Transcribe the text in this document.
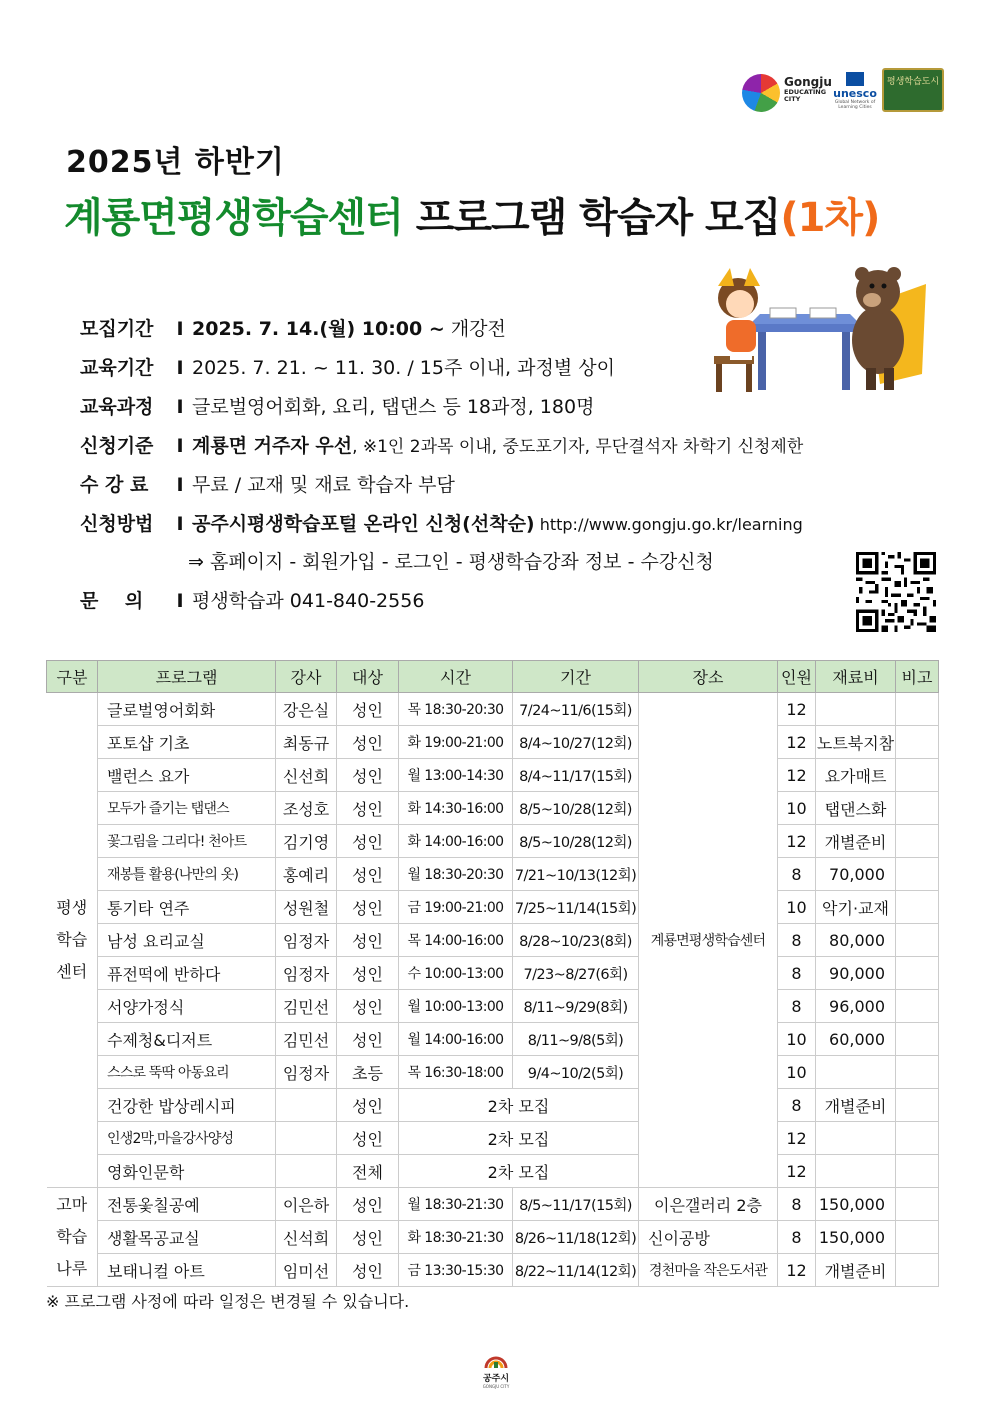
Gongju
EDUCATING
CITY	unesco
Global Network of Learning Cities
평생학습도시
2025년 하반기
계룡면평생학습센터 프로그램 학습자 모집(1차)
모집기간 I 2025. 7. 14.(월) 10:00 ~ 개강전
교육기간 I 2025. 7. 21. ~ 11. 30. / 15주 이내, 과정별 상이
교육과정 I 글로벌영어회화, 요리, 탭댄스 등 18과정, 180명
신청기준 I 계룡면 거주자 우선, ※1인 2과목 이내, 중도포기자, 무단결석자 차학기 신청제한
수 강 료 I 무료 / 교재 및 재료 학습자 부담
신청방법 I 공주시평생학습포털 온라인 신청(선착순) http://www.gongju.go.kr/learning
⇒ 홈페이지 - 회원가입 - 로그인 - 평생학습강좌 정보 - 수강신청
문    의 I 평생학습과 041-840-2556
구분	프로그램	강사	대상	시간	기간	장소	인원	재료비	비고
평생
학습
센터	글로벌영어회화	강은실	성인	목 18:30-20:30	7/24~11/6(15회)	계룡면평생학습센터	12		
	포토샵 기초	최동규	성인	화 19:00-21:00	8/4~10/27(12회)		12	노트북지참	
	밸런스 요가	신선희	성인	월 13:00-14:30	8/4~11/17(15회)		12	요가매트	
	모두가 즐기는 탭댄스	조성호	성인	화 14:30-16:00	8/5~10/28(12회)		10	탭댄스화	
	꽃그림을 그리다! 천아트	김기영	성인	화 14:00-16:00	8/5~10/28(12회)		12	개별준비	
	재봉틀 활용(나만의 옷)	홍예리	성인	월 18:30-20:30	7/21~10/13(12회)		8	70,000	
	통기타 연주	성원철	성인	금 19:00-21:00	7/25~11/14(15회)		10	악기·교재	
	남성 요리교실	임정자	성인	목 14:00-16:00	8/28~10/23(8회)		8	80,000	
	퓨전떡에 반하다	임정자	성인	수 10:00-13:00	7/23~8/27(6회)		8	90,000	
	서양가정식	김민선	성인	월 10:00-13:00	8/11~9/29(8회)		8	96,000	
	수제청&디저트	김민선	성인	월 14:00-16:00	8/11~9/8(5회)		10	60,000	
	스스로 뚝딱 아동요리	임정자	초등	목 16:30-18:00	9/4~10/2(5회)		10		
	건강한 밥상레시피		성인	2차 모집			8	개별준비	
	인생2막,마을강사양성		성인	2차 모집			12		
	영화인문학		전체	2차 모집			12		
고마
학습
나루	전통옻칠공예	이은하	성인	월 18:30-21:30	8/5~11/17(15회)	이은갤러리 2층	8	150,000	
	생활목공교실	신석희	성인	화 18:30-21:30	8/26~11/18(12회)	신이공방	8	150,000	
	보태니컬 아트	임미선	성인	금 13:30-15:30	8/22~11/14(12회)	경천마을 작은도서관	12	개별준비	
※ 프로그램 사정에 따라 일정은 변경될 수 있습니다.
공주시
GONGJU CITY
